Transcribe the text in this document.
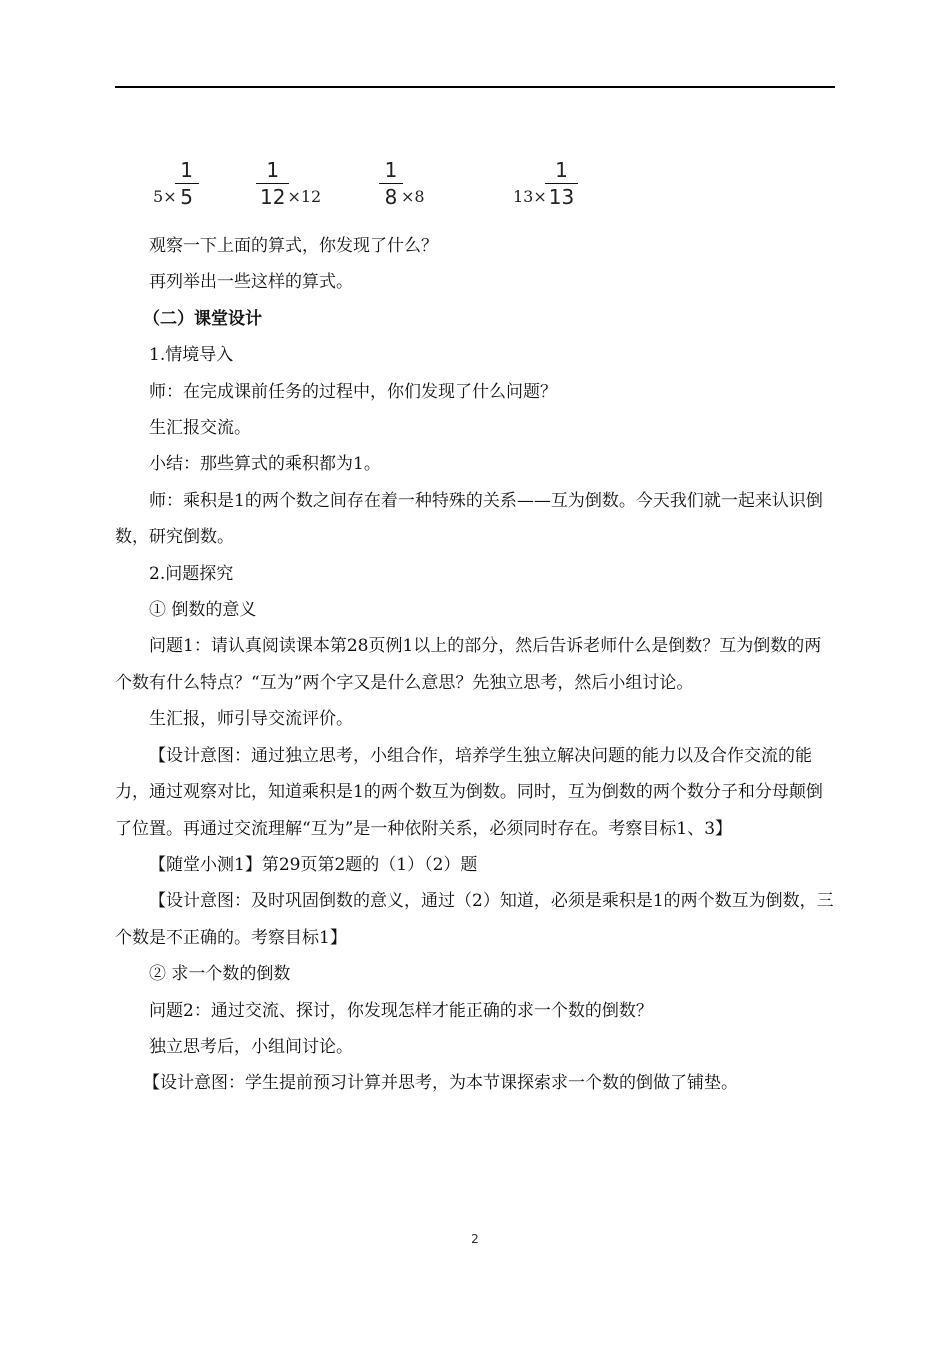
$5 \times \frac{1}{5}$	$\frac{1}{12} \times 12$	$\frac{1}{8} \times 8$	$13 \times \frac{1}{13}$

观察一下上面的算式，你发现了什么？

再列举出一些这样的算式。

（二）课堂设计

1.情境导入

师：在完成课前任务的过程中，你们发现了什么问题？

生汇报交流。

小结：那些算式的乘积都为1。

师：乘积是1的两个数之间存在着一种特殊的关系——互为倒数。今天我们就一起来认识倒数，研究倒数。

2.问题探究

① 倒数的意义

问题1：请认真阅读课本第28页例1以上的部分，然后告诉老师什么是倒数？互为倒数的两个数有什么特点？“互为”两个字又是什么意思？先独立思考，然后小组讨论。

生汇报，师引导交流评价。

【设计意图：通过独立思考，小组合作，培养学生独立解决问题的能力以及合作交流的能力，通过观察对比，知道乘积是1的两个数互为倒数。同时，互为倒数的两个数分子和分母颠倒了位置。再通过交流理解“互为”是一种依附关系，必须同时存在。考察目标1、3】

【随堂小测1】第29页第2题的（1）（2）题

【设计意图：及时巩固倒数的意义，通过（2）知道，必须是乘积是1的两个数互为倒数，三个数是不正确的。考察目标1】

② 求一个数的倒数

问题2：通过交流、探讨，你发现怎样才能正确的求一个数的倒数？

独立思考后，小组间讨论。

【设计意图：学生提前预习计算并思考，为本节课探索求一个数的倒做了铺垫。

2
